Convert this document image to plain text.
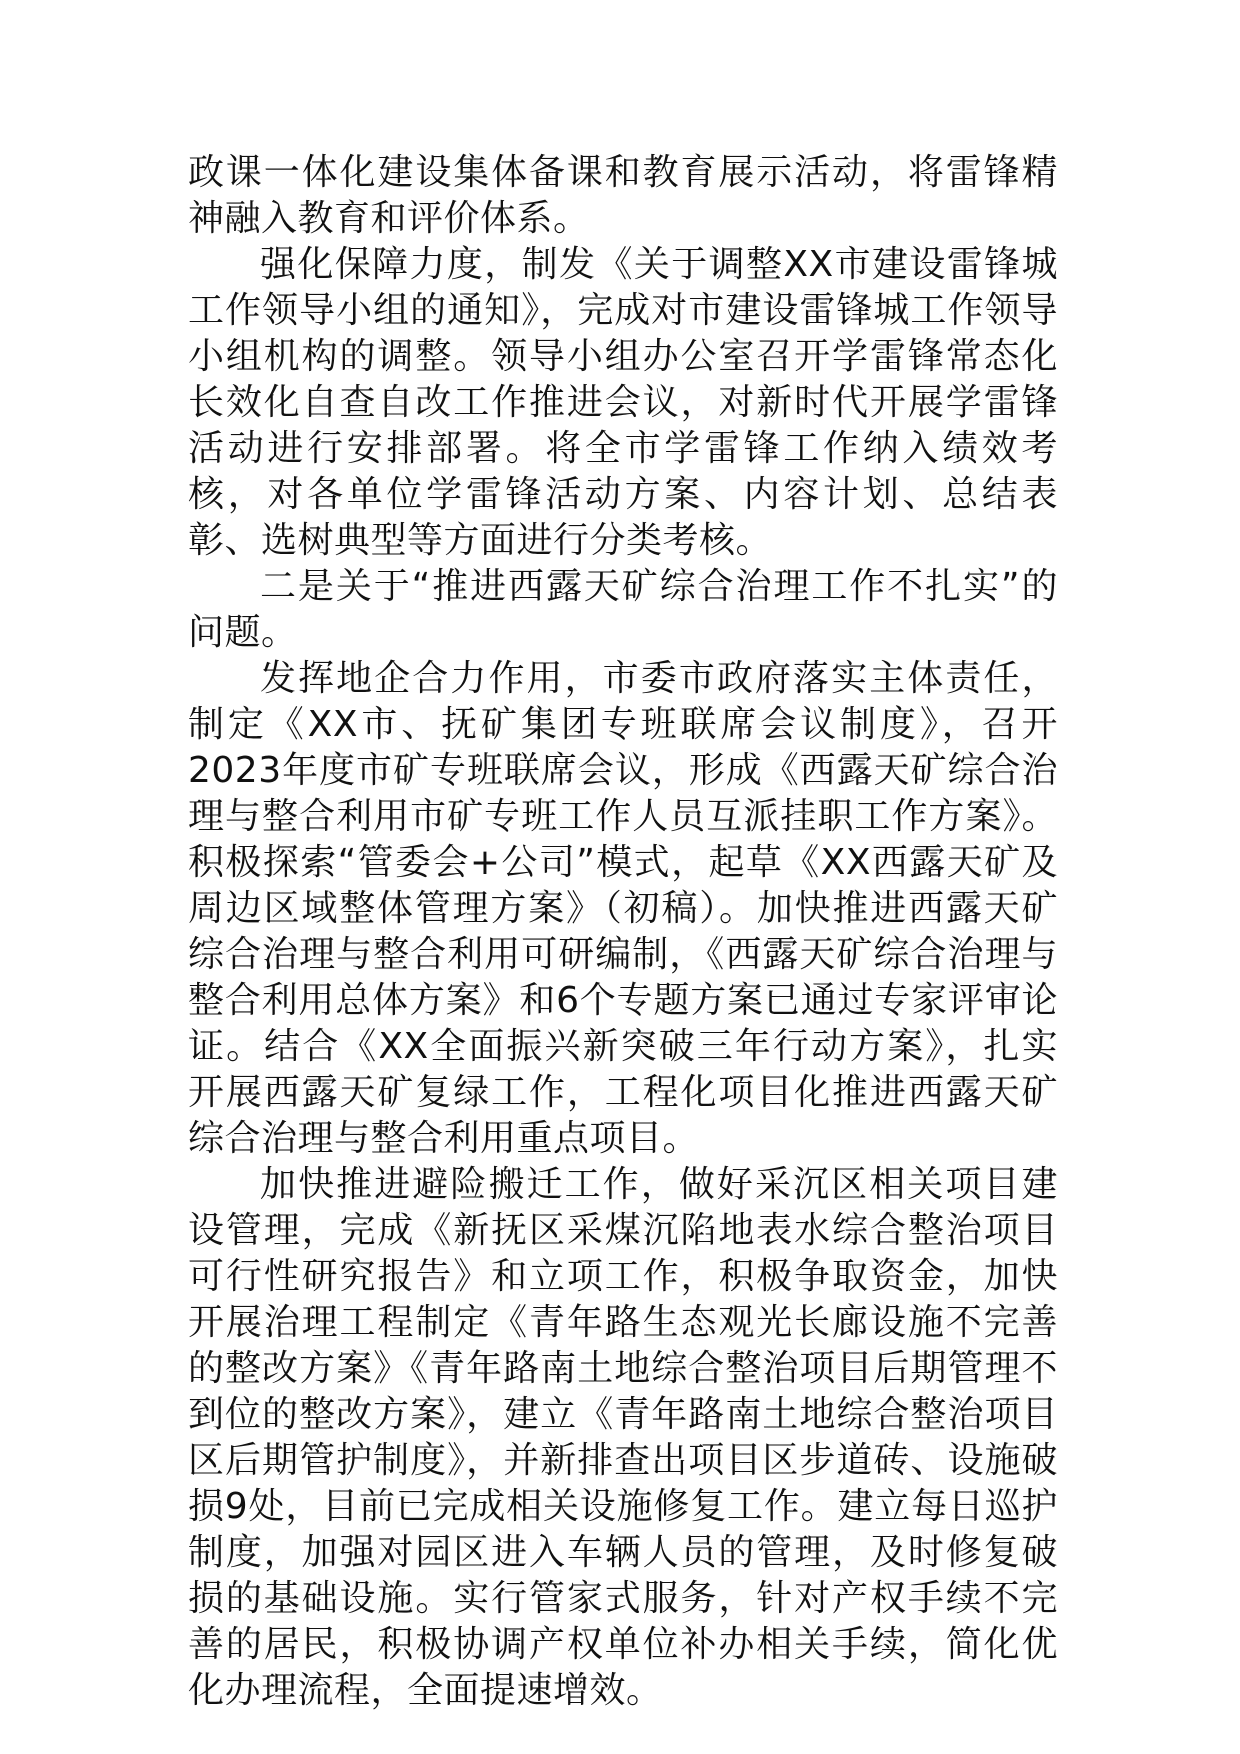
政课一体化建设集体备课和教育展示活动，将雷锋精神融入教育和评价体系。

强化保障力度，制发《关于调整XX市建设雷锋城工作领导小组的通知》，完成对市建设雷锋城工作领导小组机构的调整。领导小组办公室召开学雷锋常态化长效化自查自改工作推进会议，对新时代开展学雷锋活动进行安排部署。将全市学雷锋工作纳入绩效考核，对各单位学雷锋活动方案、内容计划、总结表彰、选树典型等方面进行分类考核。

二是关于“推进西露天矿综合治理工作不扎实”的问题。

发挥地企合力作用，市委市政府落实主体责任，制定《XX市、抚矿集团专班联席会议制度》，召开2023年度市矿专班联席会议，形成《西露天矿综合治理与整合利用市矿专班工作人员互派挂职工作方案》。积极探索“管委会+公司”模式，起草《XX西露天矿及周边区域整体管理方案》（初稿）。加快推进西露天矿综合治理与整合利用可研编制，《西露天矿综合治理与整合利用总体方案》和6个专题方案已通过专家评审论证。结合《XX全面振兴新突破三年行动方案》，扎实开展西露天矿复绿工作，工程化项目化推进西露天矿综合治理与整合利用重点项目。

加快推进避险搬迁工作，做好采沉区相关项目建设管理，完成《新抚区采煤沉陷地表水综合整治项目可行性研究报告》和立项工作，积极争取资金，加快开展治理工程制定《青年路生态观光长廊设施不完善的整改方案》《青年路南土地综合整治项目后期管理不到位的整改方案》，建立《青年路南土地综合整治项目区后期管护制度》，并新排查出项目区步道砖、设施破损9处，目前已完成相关设施修复工作。建立每日巡护制度，加强对园区进入车辆人员的管理，及时修复破损的基础设施。实行管家式服务，针对产权手续不完善的居民，积极协调产权单位补办相关手续，简化优化办理流程，全面提速增效。
